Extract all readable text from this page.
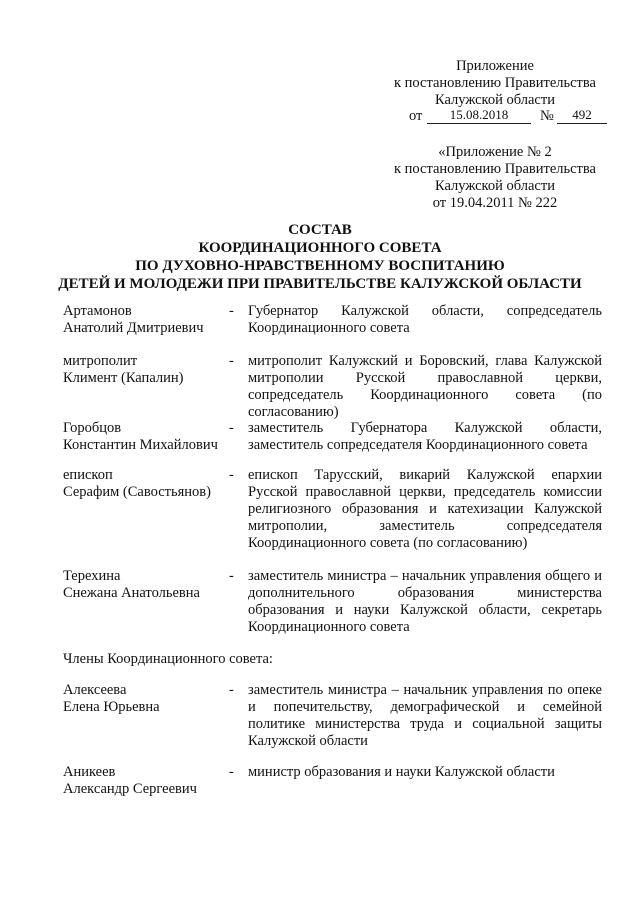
Приложение
к постановлению Правительства
Калужской области
от	15.08.2018	№	492
«Приложение № 2
к постановлению Правительства
Калужской области
от 19.04.2011 № 222
СОСТАВ
КООРДИНАЦИОННОГО СОВЕТА
ПО ДУХОВНО-НРАВСТВЕННОМУ ВОСПИТАНИЮ
ДЕТЕЙ И МОЛОДЕЖИ ПРИ ПРАВИТЕЛЬСТВЕ КАЛУЖСКОЙ ОБЛАСТИ
Артамонов
Анатолий Дмитриевич
- Губернатор Калужской области, сопредседатель Координационного совета
митрополит
Климент (Капалин)
- митрополит Калужский и Боровский, глава Калужской митрополии Русской православной церкви, сопредседатель Координационного совета (по согласованию)
Горобцов
Константин Михайлович
- заместитель Губернатора Калужской области, заместитель сопредседателя Координационного совета
епископ
Серафим (Савостьянов)
- епископ Тарусский, викарий Калужской епархии Русской православной церкви, председатель комиссии религиозного образования и катехизации Калужской митрополии, заместитель сопредседателя Координационного совета (по согласованию)
Терехина
Снежана Анатольевна
- заместитель министра – начальник управления общего и дополнительного образования министерства образования и науки Калужской области, секретарь Координационного совета
Члены Координационного совета:
Алексеева
Елена Юрьевна
- заместитель министра – начальник управления по опеке и попечительству, демографической и семейной политике министерства труда и социальной защиты Калужской области
Аникеев
Александр Сергеевич
- министр образования и науки Калужской области
